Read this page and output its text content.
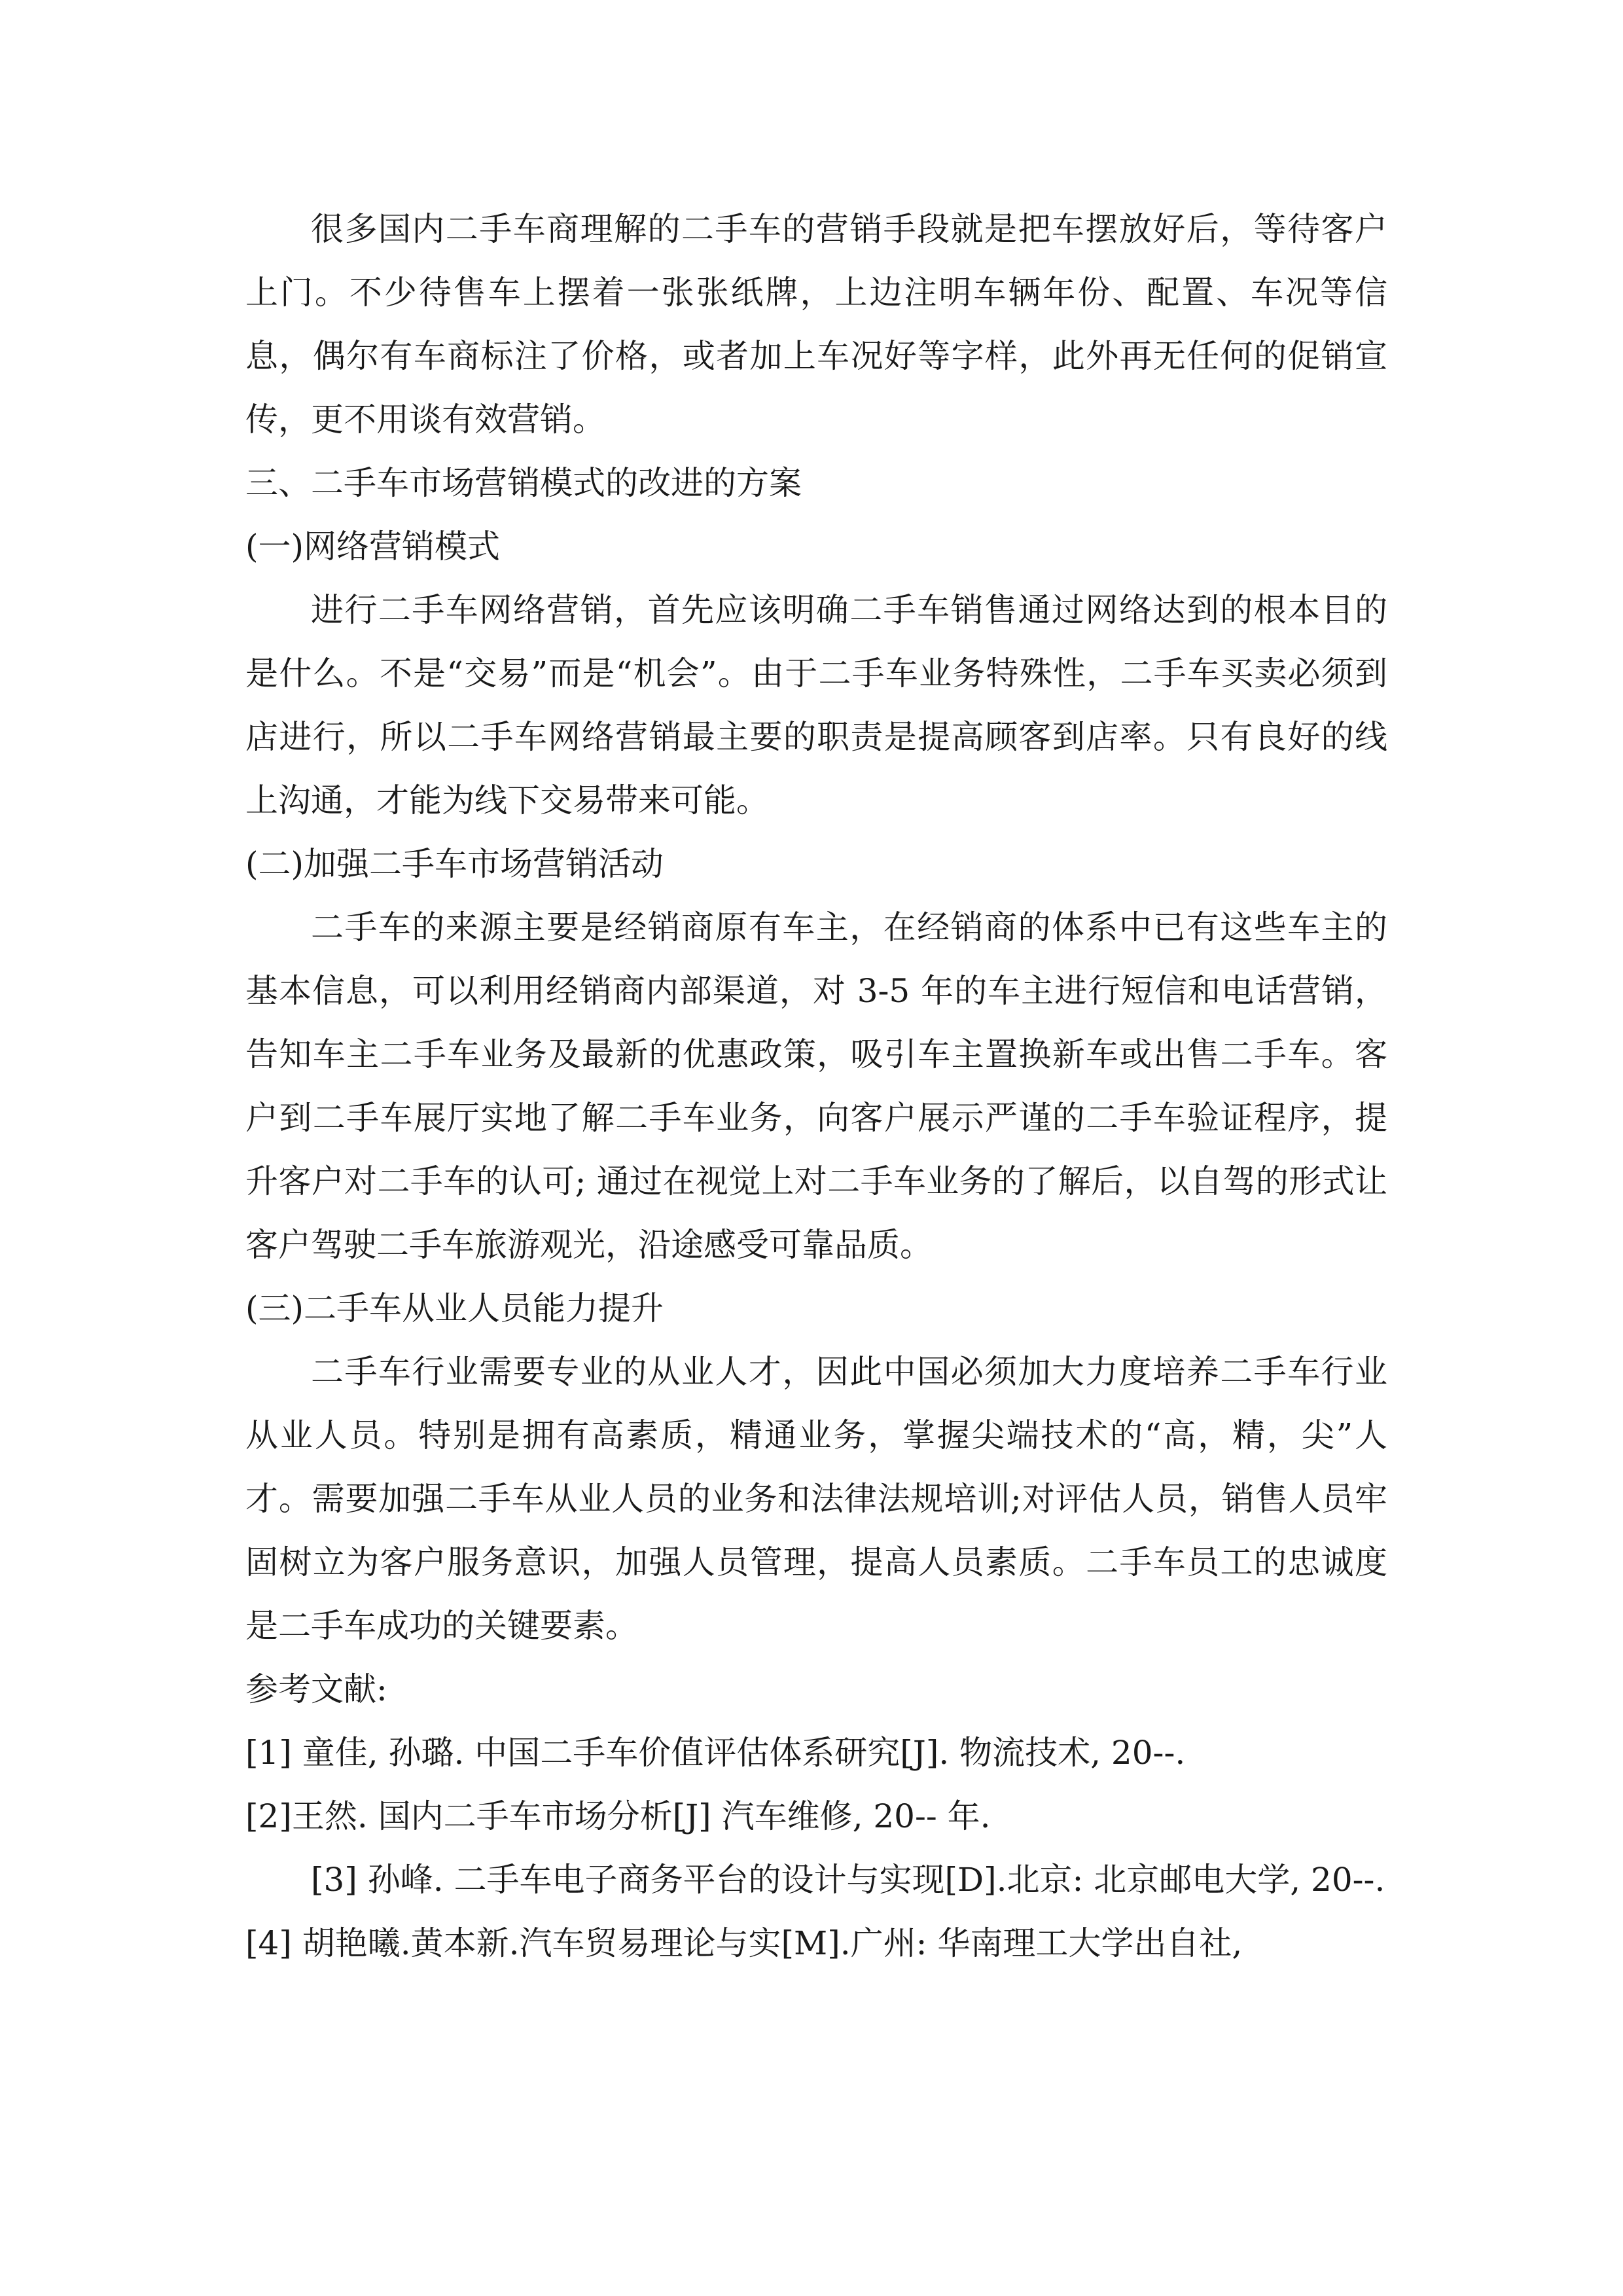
很多国内二手车商理解的二手车的营销手段就是把车摆放好后，等待客户上门。不少待售车上摆着一张张纸牌，上边注明车辆年份、配置、车况等信息，偶尔有车商标注了价格，或者加上车况好等字样，此外再无任何的促销宣传，更不用谈有效营销。

三、二手车市场营销模式的改进的方案

(一)网络营销模式

进行二手车网络营销，首先应该明确二手车销售通过网络达到的根本目的是什么。不是“交易”而是“机会”。由于二手车业务特殊性，二手车买卖必须到店进行，所以二手车网络营销最主要的职责是提高顾客到店率。只有良好的线上沟通，才能为线下交易带来可能。

(二)加强二手车市场营销活动

二手车的来源主要是经销商原有车主，在经销商的体系中已有这些车主的基本信息，可以利用经销商内部渠道，对 3-5 年的车主进行短信和电话营销，告知车主二手车业务及最新的优惠政策，吸引车主置换新车或出售二手车。客户到二手车展厅实地了解二手车业务，向客户展示严谨的二手车验证程序，提升客户对二手车的认可; 通过在视觉上对二手车业务的了解后，以自驾的形式让客户驾驶二手车旅游观光，沿途感受可靠品质。

(三)二手车从业人员能力提升

二手车行业需要专业的从业人才，因此中国必须加大力度培养二手车行业从业人员。特别是拥有高素质，精通业务，掌握尖端技术的“高，精，尖”人才。需要加强二手车从业人员的业务和法律法规培训;对评估人员，销售人员牢固树立为客户服务意识，加强人员管理，提高人员素质。二手车员工的忠诚度是二手车成功的关键要素。

参考文献:

[1] 童佳, 孙璐. 中国二手车价值评估体系研究[J]. 物流技术, 20--.

[2]王然. 国内二手车市场分析[J] 汽车维修, 20-- 年.

[3] 孙峰. 二手车电子商务平台的设计与实现[D].北京: 北京邮电大学, 20--.

[4] 胡艳曦.黄本新.汽车贸易理论与实[M].广州: 华南理工大学出自社,
